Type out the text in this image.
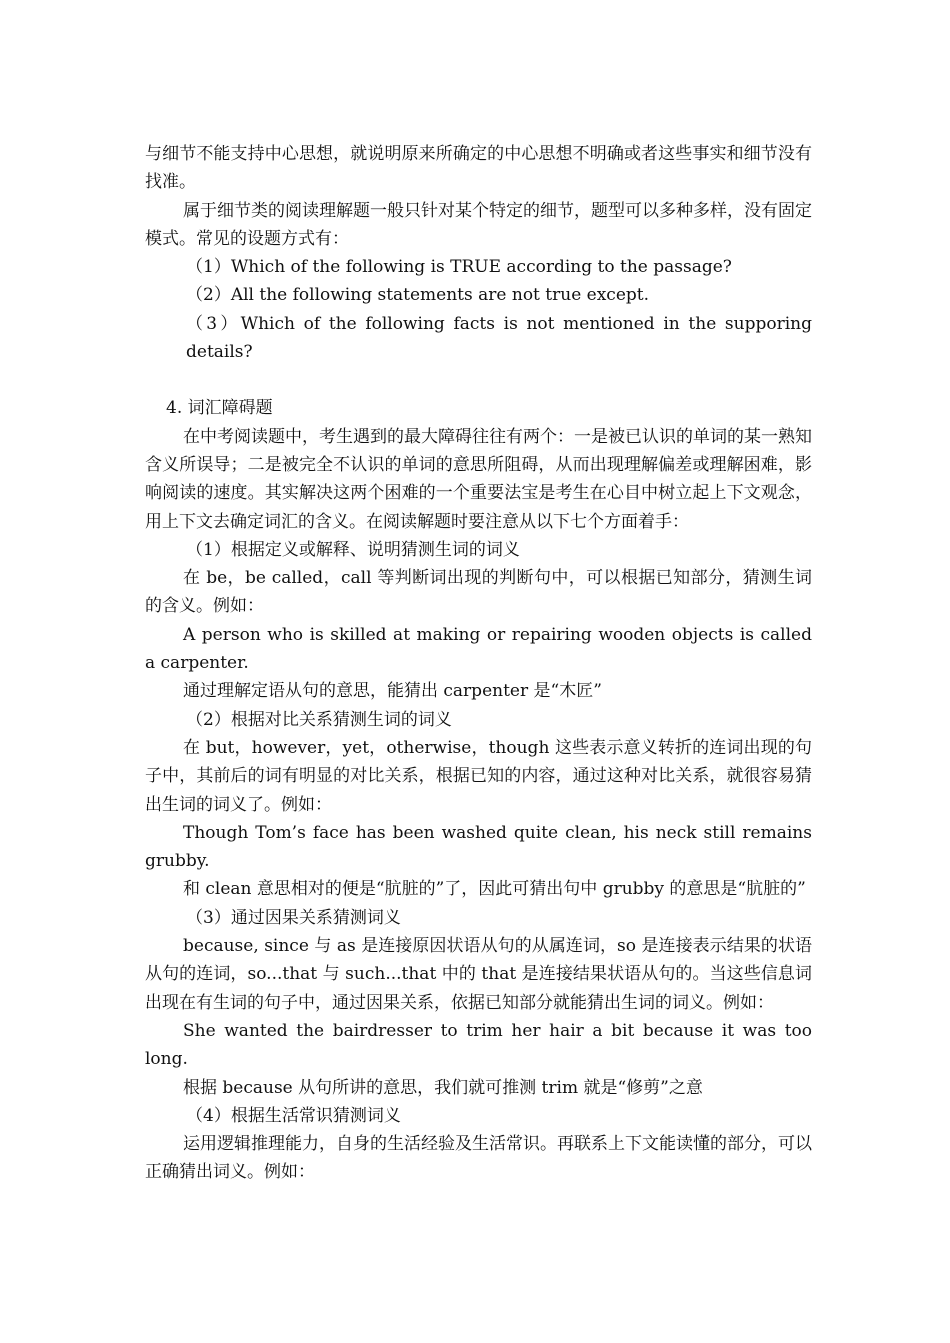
与细节不能支持中心思想，就说明原来所确定的中心思想不明确或者这些事实和细节没有找准。

属于细节类的阅读理解题一般只针对某个特定的细节，题型可以多种多样，没有固定模式。常见的设题方式有：

（1）Which of the following is TRUE according to the passage?

（2）All the following statements are not true except.

（3）Which of the following facts is not mentioned in the supporing details?

4. 词汇障碍题

在中考阅读题中，考生遇到的最大障碍往往有两个：一是被已认识的单词的某一熟知含义所误导；二是被完全不认识的单词的意思所阻碍，从而出现理解偏差或理解困难，影响阅读的速度。其实解决这两个困难的一个重要法宝是考生在心目中树立起上下文观念，用上下文去确定词汇的含义。在阅读解题时要注意从以下七个方面着手：

（1）根据定义或解释、说明猜测生词的词义

在 be，be called，call 等判断词出现的判断句中，可以根据已知部分，猜测生词的含义。例如：

A person who is skilled at making or repairing wooden objects is called a carpenter.

通过理解定语从句的意思，能猜出 carpenter 是“木匠”

（2）根据对比关系猜测生词的词义

在 but，however，yet，otherwise，though 这些表示意义转折的连词出现的句子中，其前后的词有明显的对比关系，根据已知的内容，通过这种对比关系，就很容易猜出生词的词义了。例如：

Though Tom’s face has been washed quite clean, his neck still remains grubby.

和 clean 意思相对的便是“肮脏的”了，因此可猜出句中 grubby 的意思是“肮脏的”

（3）通过因果关系猜测词义

because, since 与 as 是连接原因状语从句的从属连词，so 是连接表示结果的状语从句的连词，so...that 与 such...that 中的 that 是连接结果状语从句的。当这些信息词出现在有生词的句子中，通过因果关系，依据已知部分就能猜出生词的词义。例如：

She wanted the bairdresser to trim her hair a bit because it was too long.

根据 because 从句所讲的意思，我们就可推测 trim 就是“修剪”之意

（4）根据生活常识猜测词义

运用逻辑推理能力，自身的生活经验及生活常识。再联系上下文能读懂的部分，可以正确猜出词义。例如：
